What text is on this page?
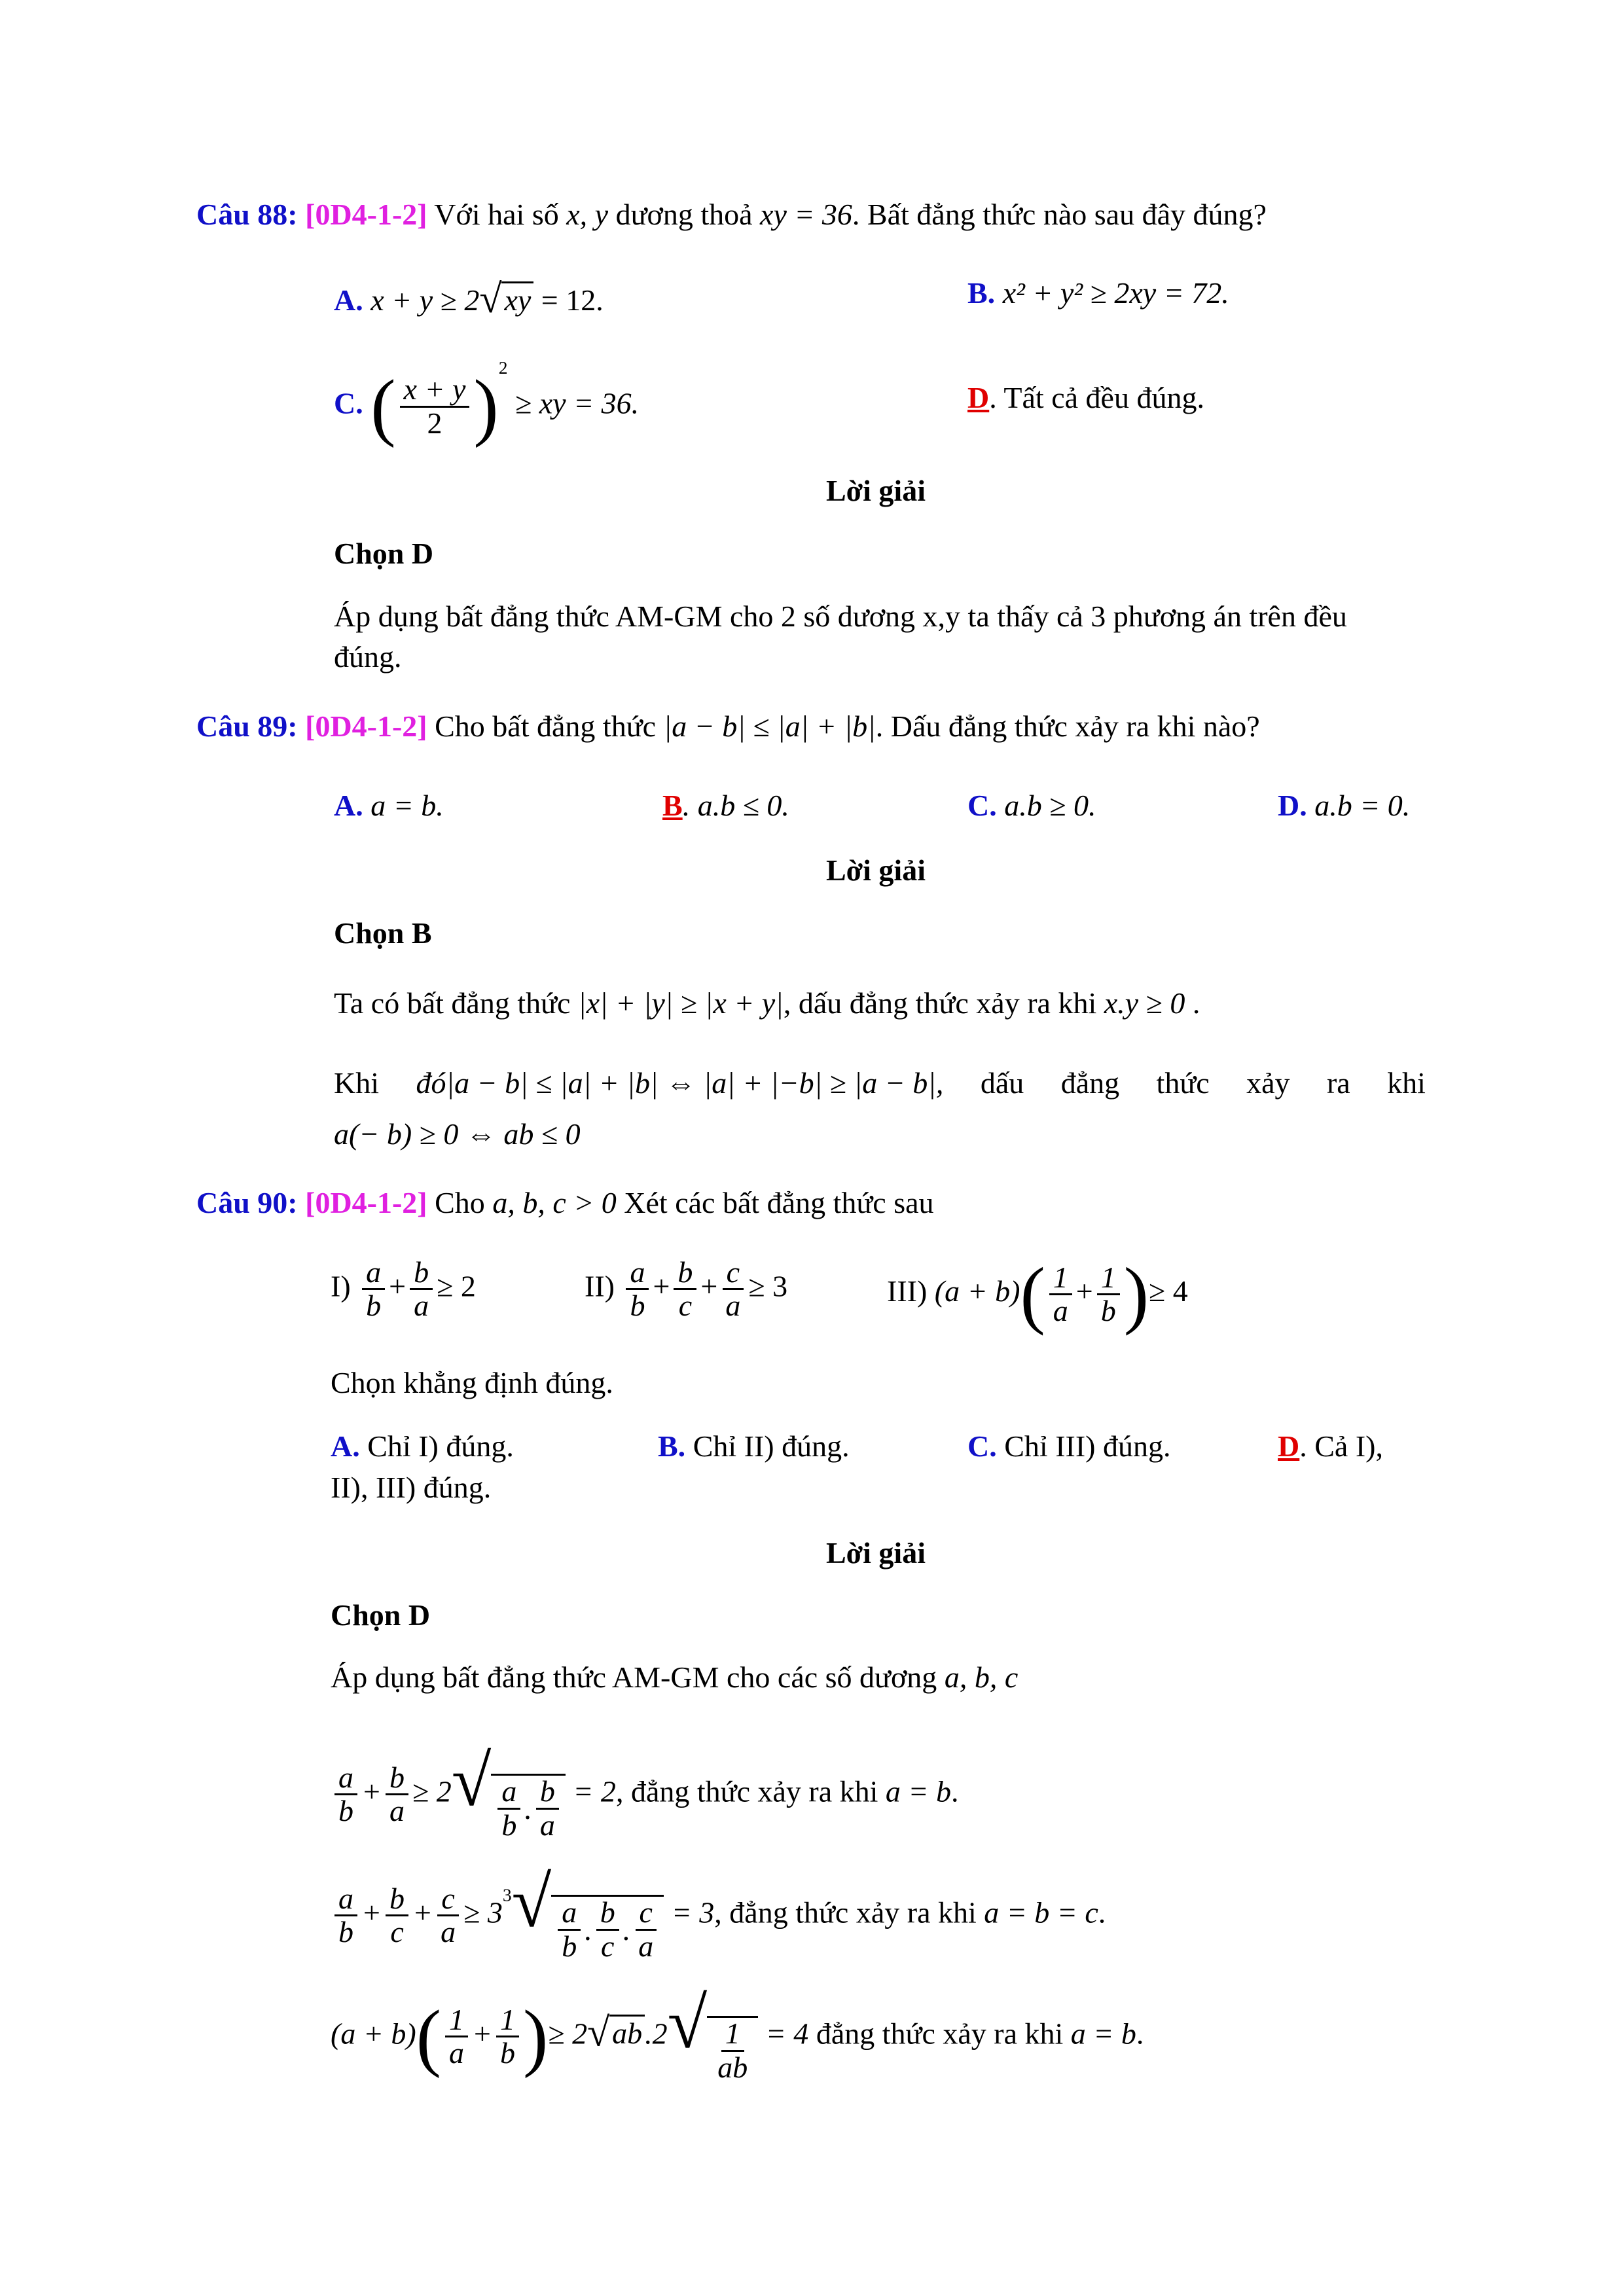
Câu 88: [0D4-1-2] Với hai số x, y dương thoả xy = 36. Bất đẳng thức nào sau đây đúng?
A. x + y ≥ 2√xy = 12.	B. x² + y² ≥ 2xy = 72.
C. ( $\frac{x + y}{2} )^2$ ≥ xy = 36.	D. Tất cả đều đúng.
Lời giải
Chọn D
Áp dụng bất đẳng thức AM-GM cho 2 số dương x,y ta thấy cả 3 phương án trên đều
đúng.
Câu 89: [0D4-1-2] Cho bất đẳng thức |a − b| ≤ |a| + |b|. Dấu đẳng thức xảy ra khi nào?
A. a = b.	B. a.b ≤ 0.	C. a.b ≥ 0.	D. a.b = 0.
Lời giải
Chọn B
Ta có bất đẳng thức |x| + |y| ≥ |x + y|, dấu đẳng thức xảy ra khi x.y ≥ 0 .
Khi đó|a − b| ≤ |a| + |b| ⇔ |a| + |−b| ≥ |a − b|, dấu đẳng thức xảy ra khi
a(− b) ≥ 0 ⇔ ab ≤ 0
Câu 90: [0D4-1-2] Cho a, b, c > 0 Xét các bất đẳng thức sau
$I) \frac{a}{b} + \frac{b}{a} \ge 2$	$II) \frac{a}{b} + \frac{b}{c} + \frac{c}{a} \ge 3$	III) $(a + b)( \frac{1}{a} + \frac{1}{b}$ )≥ 4
Chọn khẳng định đúng.
A. Chỉ I) đúng.	B. Chỉ II) đúng.	C. Chỉ III) đúng.	D. Cả I),
II), III) đúng.
Lời giải
Chọn D
Áp dụng bất đẳng thức AM-GM cho các số dương a, b, c
$\frac{a}{b} + \frac{b}{a} \ge 2√ \frac{a}{b}$ . $\frac{b}{a} = 2$, đẳng thức xảy ra khi a = b.
$\frac{a}{b} + \frac{b}{c} + \frac{c}{a} \ge 3^3√ \frac{a}{b}$ . $\frac{b}{c}$ . $\frac{c}{a} = 3$, đẳng thức xảy ra khi a = b = c.
$(a + b)( \frac{1}{a} + \frac{1}{b}$ )≥ $2√ab.2√ \frac{1}{ab} = 4$ đẳng thức xảy ra khi a = b.
